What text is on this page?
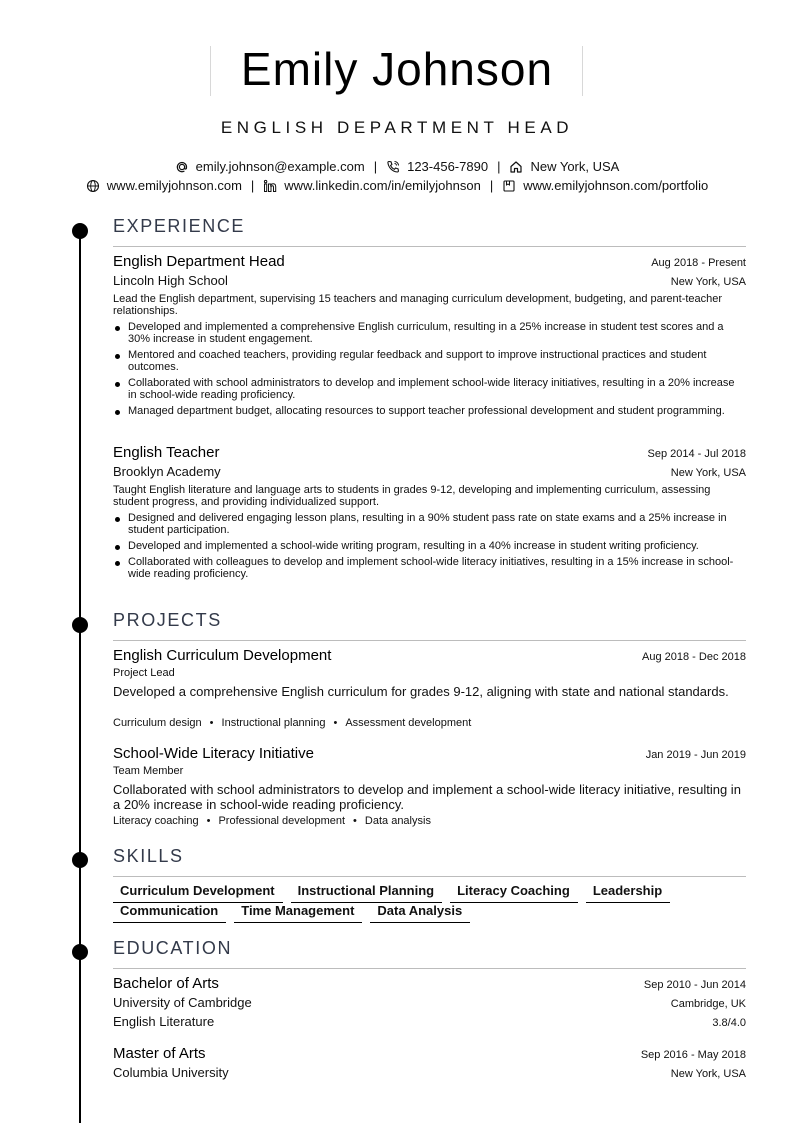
Emily Johnson
ENGLISH DEPARTMENT HEAD
emily.johnson@example.com | 123-456-7890 | New York, USA
www.emilyjohnson.com | www.linkedin.com/in/emilyjohnson | www.emilyjohnson.com/portfolio
EXPERIENCE
English Department Head	Aug 2018 - Present
Lincoln High School	New York, USA
Lead the English department, supervising 15 teachers and managing curriculum development, budgeting, and parent-teacher relationships.
Developed and implemented a comprehensive English curriculum, resulting in a 25% increase in student test scores and a 30% increase in student engagement.
Mentored and coached teachers, providing regular feedback and support to improve instructional practices and student outcomes.
Collaborated with school administrators to develop and implement school-wide literacy initiatives, resulting in a 20% increase in school-wide reading proficiency.
Managed department budget, allocating resources to support teacher professional development and student programming.
English Teacher	Sep 2014 - Jul 2018
Brooklyn Academy	New York, USA
Taught English literature and language arts to students in grades 9-12, developing and implementing curriculum, assessing student progress, and providing individualized support.
Designed and delivered engaging lesson plans, resulting in a 90% student pass rate on state exams and a 25% increase in student participation.
Developed and implemented a school-wide writing program, resulting in a 40% increase in student writing proficiency.
Collaborated with colleagues to develop and implement school-wide literacy initiatives, resulting in a 15% increase in school-wide reading proficiency.
PROJECTS
English Curriculum Development	Aug 2018 - Dec 2018
Project Lead
Developed a comprehensive English curriculum for grades 9-12, aligning with state and national standards.
Curriculum design • Instructional planning • Assessment development
School-Wide Literacy Initiative	Jan 2019 - Jun 2019
Team Member
Collaborated with school administrators to develop and implement a school-wide literacy initiative, resulting in a 20% increase in school-wide reading proficiency.
Literacy coaching • Professional development • Data analysis
SKILLS
Curriculum Development	Instructional Planning	Literacy Coaching	Leadership
Communication	Time Management	Data Analysis
EDUCATION
Bachelor of Arts	Sep 2010 - Jun 2014
University of Cambridge	Cambridge, UK
English Literature	3.8/4.0
Master of Arts	Sep 2016 - May 2018
Columbia University	New York, USA
